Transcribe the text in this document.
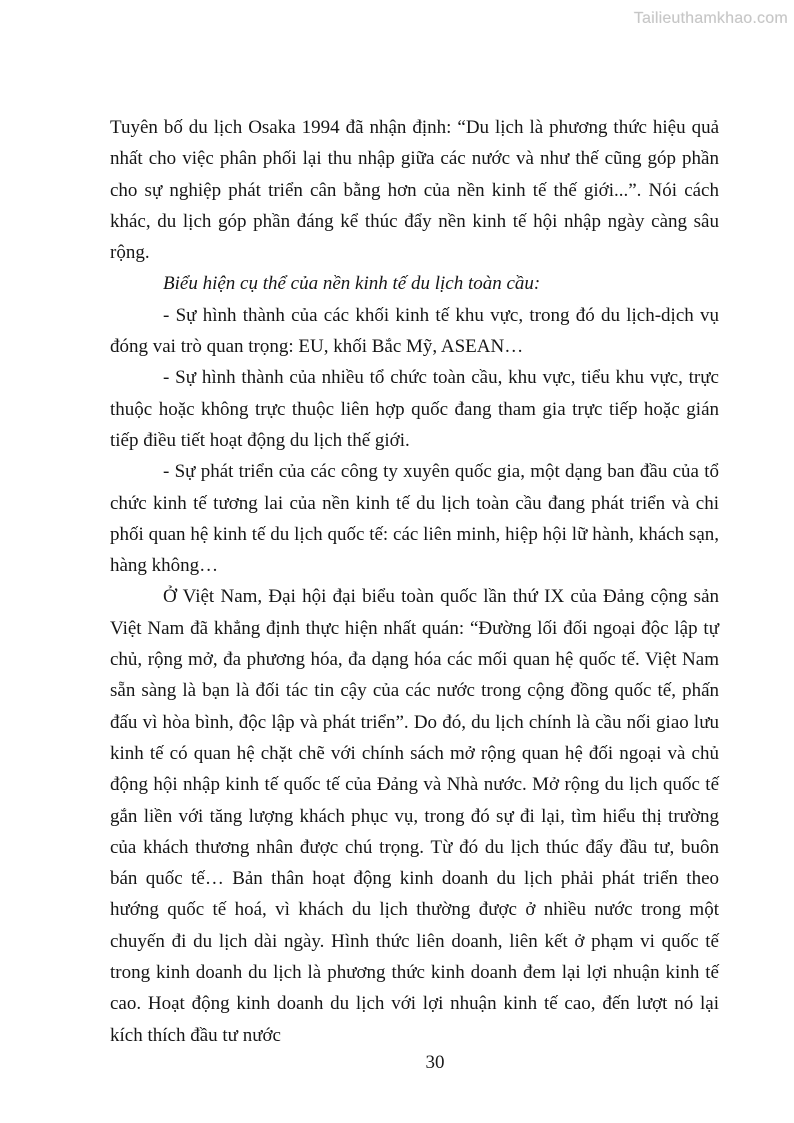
Tailieuthamkhao.com

Tuyên bố du lịch Osaka 1994 đã nhận định: “Du lịch là phương thức hiệu quả nhất cho việc phân phối lại thu nhập giữa các nước và như thế cũng góp phần cho sự nghiệp phát triển cân bằng hơn của nền kinh tế thế giới...”. Nói cách khác, du lịch góp phần đáng kể thúc đẩy nền kinh tế hội nhập ngày càng sâu rộng.

Biểu hiện cụ thể của nền kinh tế du lịch toàn cầu:

- Sự hình thành của các khối kinh tế khu vực, trong đó du lịch-dịch vụ đóng vai trò quan trọng: EU, khối Bắc Mỹ, ASEAN…

- Sự hình thành của nhiều tổ chức toàn cầu, khu vực, tiểu khu vực, trực thuộc hoặc không trực thuộc liên hợp quốc đang tham gia trực tiếp hoặc gián tiếp điều tiết hoạt động du lịch thế giới.

- Sự phát triển của các công ty xuyên quốc gia, một dạng ban đầu của tổ chức kinh tế tương lai của nền kinh tế du lịch toàn cầu đang phát triển và chi phối quan hệ kinh tế du lịch quốc tế: các liên minh, hiệp hội lữ hành, khách sạn, hàng không…

Ở Việt Nam, Đại hội đại biểu toàn quốc lần thứ IX của Đảng cộng sản Việt Nam đã khẳng định thực hiện nhất quán: “Đường lối đối ngoại độc lập tự chủ, rộng mở, đa phương hóa, đa dạng hóa các mối quan hệ quốc tế. Việt Nam sẵn sàng là bạn là đối tác tin cậy của các nước trong cộng đồng quốc tế, phấn đấu vì hòa bình, độc lập và phát triển”. Do đó, du lịch chính là cầu nối giao lưu kinh tế có quan hệ chặt chẽ với chính sách mở rộng quan hệ đối ngoại và chủ động hội nhập kinh tế quốc tế của Đảng và Nhà nước. Mở rộng du lịch quốc tế gắn liền với tăng lượng khách phục vụ, trong đó sự đi lại, tìm hiểu thị trường của khách thương nhân được chú trọng. Từ đó du lịch thúc đẩy đầu tư, buôn bán quốc tế… Bản thân hoạt động kinh doanh du lịch phải phát triển theo hướng quốc tế hoá, vì khách du lịch thường được ở nhiều nước trong một chuyến đi du lịch dài ngày. Hình thức liên doanh, liên kết ở phạm vi quốc tế trong kinh doanh du lịch là phương thức kinh doanh đem lại lợi nhuận kinh tế cao. Hoạt động kinh doanh du lịch với lợi nhuận kinh tế cao, đến lượt nó lại kích thích đầu tư nước

30
